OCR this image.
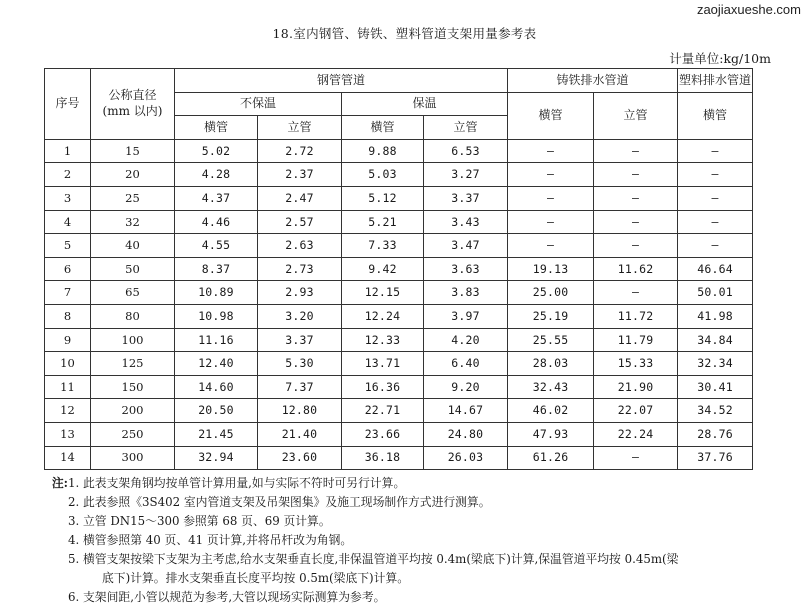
zaojiaxueshe.com
18.室内钢管、铸铁、塑料管道支架用量参考表
计量单位:kg/10m
序号	公称直径
(mm 以内)	钢管管道				铸铁排水管道		塑料排水管道
		不保温		保温		横管	立管	横管
		横管	立管	横管	立管			
1	15	5.02	2.72	9.88	6.53	—	—	—
2	20	4.28	2.37	5.03	3.27	—	—	—
3	25	4.37	2.47	5.12	3.37	—	—	—
4	32	4.46	2.57	5.21	3.43	—	—	—
5	40	4.55	2.63	7.33	3.47	—	—	—
6	50	8.37	2.73	9.42	3.63	19.13	11.62	46.64
7	65	10.89	2.93	12.15	3.83	25.00	—	50.01
8	80	10.98	3.20	12.24	3.97	25.19	11.72	41.98
9	100	11.16	3.37	12.33	4.20	25.55	11.79	34.84
10	125	12.40	5.30	13.71	6.40	28.03	15.33	32.34
11	150	14.60	7.37	16.36	9.20	32.43	21.90	30.41
12	200	20.50	12.80	22.71	14.67	46.02	22.07	34.52
13	250	21.45	21.40	23.66	24.80	47.93	22.24	28.76
14	300	32.94	23.60	36.18	26.03	61.26	—	37.76
注: 1. 此表支架角钢均按单管计算用量,如与实际不符时可另行计算。
2. 此表参照《3S402 室内管道支架及吊架图集》及施工现场制作方式进行测算。
3. 立管 DN15～300 参照第 68 页、69 页计算。
4. 横管参照第 40 页、41 页计算,并将吊杆改为角钢。
5. 横管支架按梁下支架为主考虑,给水支架垂直长度,非保温管道平均按 0.4m(梁底下)计算,保温管道平均按 0.45m(梁
底下)计算。排水支架垂直长度平均按 0.5m(梁底下)计算。
6. 支架间距,小管以规范为参考,大管以现场实际测算为参考。
